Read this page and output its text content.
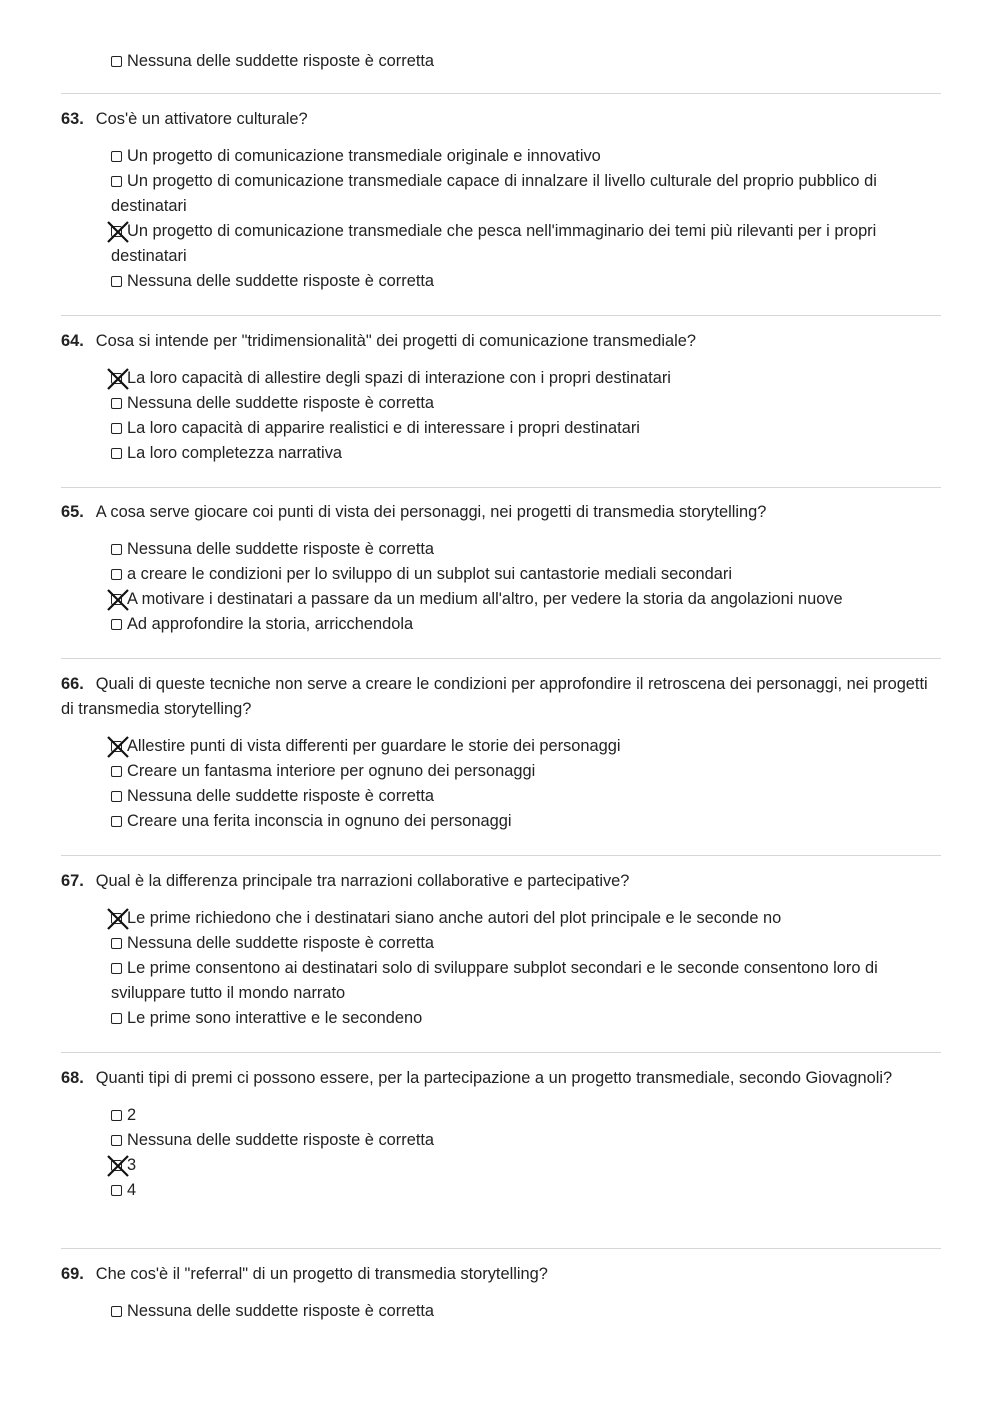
Nessuna delle suddette risposte è corretta
63. Cos'è un attivatore culturale?
Un progetto di comunicazione transmediale originale e innovativo
Un progetto di comunicazione transmediale capace di innalzare il livello culturale del proprio pubblico di destinatari
Un progetto di comunicazione transmediale che pesca nell'immaginario dei temi più rilevanti per i propri destinatari
Nessuna delle suddette risposte è corretta
64. Cosa si intende per "tridimensionalità" dei progetti di comunicazione transmediale?
La loro capacità di allestire degli spazi di interazione con i propri destinatari
Nessuna delle suddette risposte è corretta
La loro capacità di apparire realistici e di interessare i propri destinatari
La loro completezza narrativa
65. A cosa serve giocare coi punti di vista dei personaggi, nei progetti di transmedia storytelling?
Nessuna delle suddette risposte è corretta
a creare le condizioni per lo sviluppo di un subplot sui cantastorie mediali secondari
A motivare i destinatari a passare da un medium all'altro, per vedere la storia da angolazioni nuove
Ad approfondire la storia, arricchendola
66. Quali di queste tecniche non serve a creare le condizioni per approfondire il retroscena dei personaggi, nei progetti di transmedia storytelling?
Allestire punti di vista differenti per guardare le storie dei personaggi
Creare un fantasma interiore per ognuno dei personaggi
Nessuna delle suddette risposte è corretta
Creare una ferita inconscia in ognuno dei personaggi
67. Qual è la differenza principale tra narrazioni collaborative e partecipative?
Le prime richiedono che i destinatari siano anche autori del plot principale e le seconde no
Nessuna delle suddette risposte è corretta
Le prime consentono ai destinatari solo di sviluppare subplot secondari e le seconde consentono loro di sviluppare tutto il mondo narrato
Le prime sono interattive e le secondeno
68. Quanti tipi di premi ci possono essere, per la partecipazione a un progetto transmediale, secondo Giovagnoli?
2
Nessuna delle suddette risposte è corretta
3
4
69. Che cos'è il "referral" di un progetto di transmedia storytelling?
Nessuna delle suddette risposte è corretta
